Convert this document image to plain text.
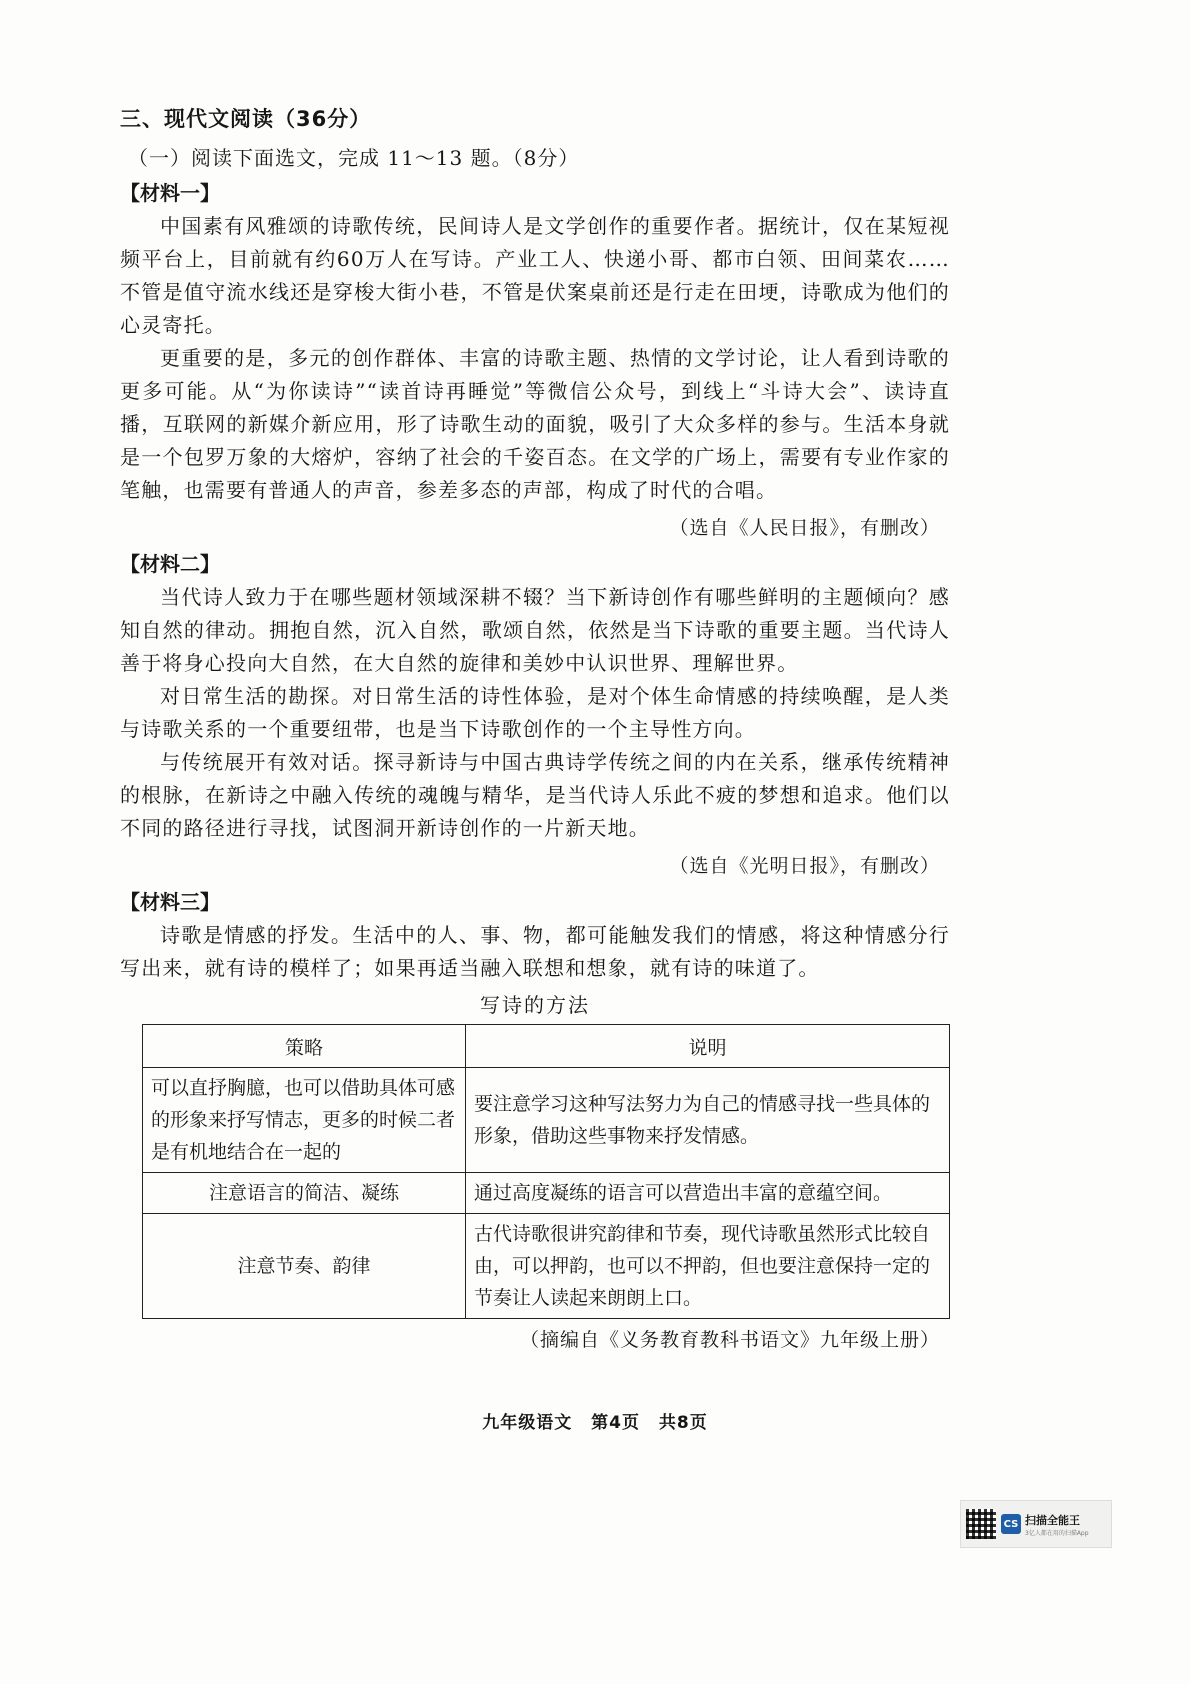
三、现代文阅读（36分）
（一）阅读下面选文，完成 11～13 题。（8分）
【材料一】

中国素有风雅颂的诗歌传统，民间诗人是文学创作的重要作者。据统计，仅在某短视频平台上，目前就有约60万人在写诗。产业工人、快递小哥、都市白领、田间菜农……不管是值守流水线还是穿梭大街小巷，不管是伏案桌前还是行走在田埂，诗歌成为他们的心灵寄托。

更重要的是，多元的创作群体、丰富的诗歌主题、热情的文学讨论，让人看到诗歌的更多可能。从“为你读诗”“读首诗再睡觉”等微信公众号，到线上“斗诗大会”、读诗直播，互联网的新媒介新应用，形了诗歌生动的面貌，吸引了大众多样的参与。生活本身就是一个包罗万象的大熔炉，容纳了社会的千姿百态。在文学的广场上，需要有专业作家的笔触，也需要有普通人的声音，参差多态的声部，构成了时代的合唱。

（选自《人民日报》，有删改）
【材料二】

当代诗人致力于在哪些题材领域深耕不辍？当下新诗创作有哪些鲜明的主题倾向？感知自然的律动。拥抱自然，沉入自然，歌颂自然，依然是当下诗歌的重要主题。当代诗人善于将身心投向大自然，在大自然的旋律和美妙中认识世界、理解世界。

对日常生活的勘探。对日常生活的诗性体验，是对个体生命情感的持续唤醒，是人类与诗歌关系的一个重要纽带，也是当下诗歌创作的一个主导性方向。

与传统展开有效对话。探寻新诗与中国古典诗学传统之间的内在关系，继承传统精神的根脉，在新诗之中融入传统的魂魄与精华，是当代诗人乐此不疲的梦想和追求。他们以不同的路径进行寻找，试图洞开新诗创作的一片新天地。

（选自《光明日报》，有删改）
【材料三】

诗歌是情感的抒发。生活中的人、事、物，都可能触发我们的情感，将这种情感分行写出来，就有诗的模样了；如果再适当融入联想和想象，就有诗的味道了。

写诗的方法
策略	说明
可以直抒胸臆，也可以借助具体可感的形象来抒写情志，更多的时候二者是有机地结合在一起的	要注意学习这种写法努力为自己的情感寻找一些具体的形象，借助这些事物来抒发情感。
注意语言的简洁、凝练	通过高度凝练的语言可以营造出丰富的意蕴空间。
注意节奏、韵律	古代诗歌很讲究韵律和节奏，现代诗歌虽然形式比较自由，可以押韵，也可以不押韵，但也要注意保持一定的节奏让人读起来朗朗上口。
（摘编自《义务教育教科书语文》九年级上册）
九年级语文 第4页 共8页
CS 扫描全能王
3亿人都在用的扫描App
